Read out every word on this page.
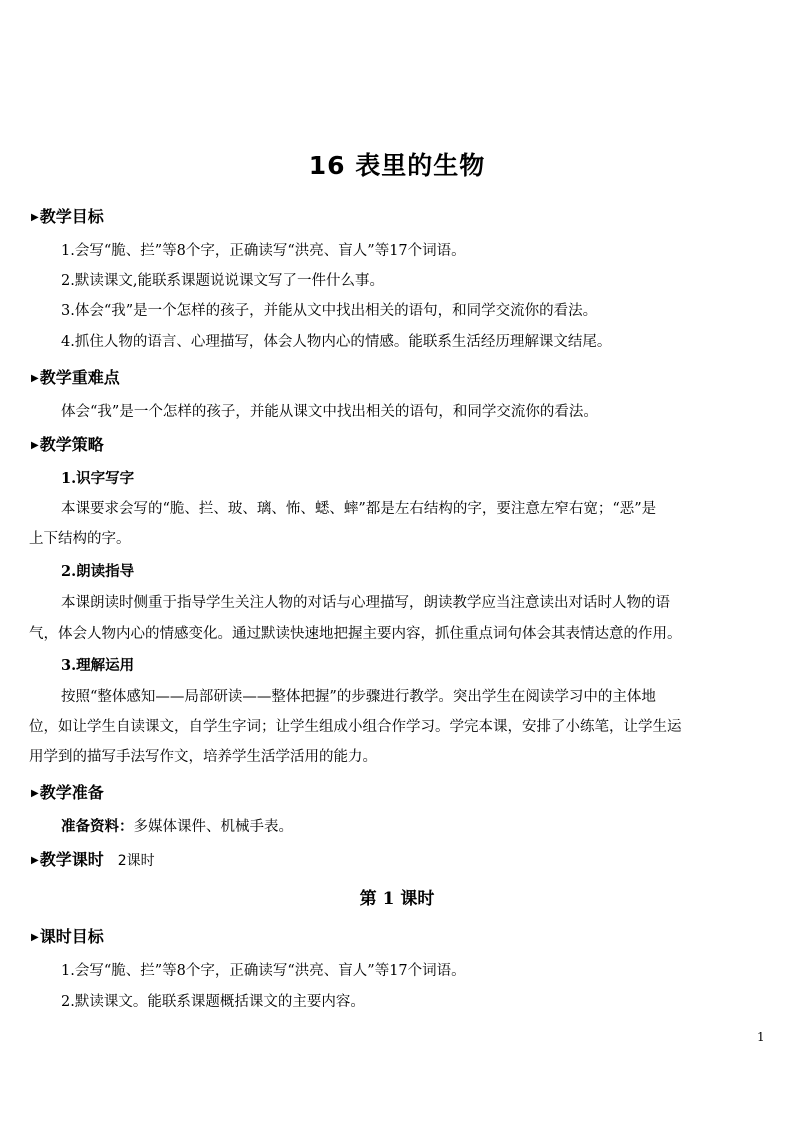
16 表里的生物
▶教学目标
1.会写“脆、拦”等8个字，正确读写“洪亮、盲人”等17个词语。
2.默读课文,能联系课题说说课文写了一件什么事。
3.体会“我”是一个怎样的孩子，并能从文中找出相关的语句，和同学交流你的看法。
4.抓住人物的语言、心理描写，体会人物内心的情感。能联系生活经历理解课文结尾。
▶教学重难点
体会“我”是一个怎样的孩子，并能从课文中找出相关的语句，和同学交流你的看法。
▶教学策略
1.识字写字
本课要求会写的“脆、拦、玻、璃、怖、蟋、蟀”都是左右结构的字，要注意左窄右宽；“恶”是
上下结构的字。
2.朗读指导
本课朗读时侧重于指导学生关注人物的对话与心理描写，朗读教学应当注意读出对话时人物的语
气，体会人物内心的情感变化。通过默读快速地把握主要内容，抓住重点词句体会其表情达意的作用。
3.理解运用
按照“整体感知——局部研读——整体把握”的步骤进行教学。突出学生在阅读学习中的主体地
位，如让学生自读课文，自学生字词；让学生组成小组合作学习。学完本课，安排了小练笔，让学生运
用学到的描写手法写作文，培养学生活学活用的能力。
▶教学准备
准备资料：多媒体课件、机械手表。
▶教学课时 2课时
第 1 课时
▶课时目标
1.会写“脆、拦”等8个字，正确读写“洪亮、盲人”等17个词语。
2.默读课文。能联系课题概括课文的主要内容。
1
